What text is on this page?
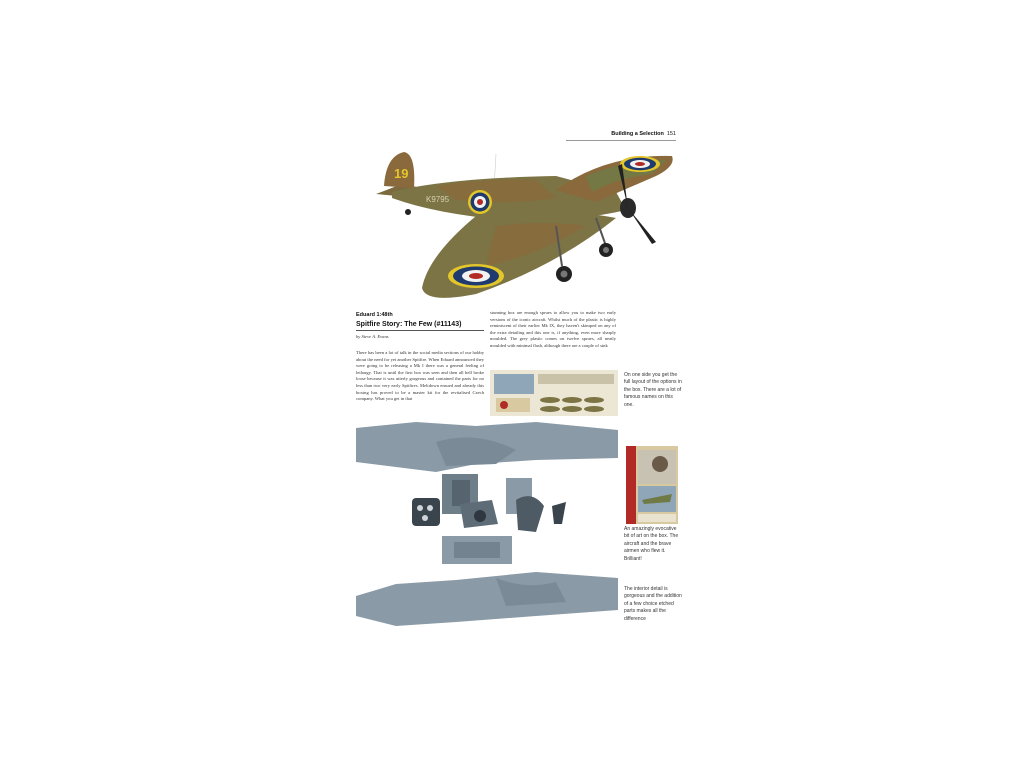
Building a Selection 151
19
K9795
Eduard 1:48th
Spitfire Story: The Few (#11143)
by Steve A. Evans
There has been a lot of talk in the social media sections of our hobby about the need for yet another Spitfire. When Eduard announced they were going to be releasing a Mk I there was a general feeling of lethargy. That is until the first box was seen and then all hell broke loose because it was utterly gorgeous and contained the parts for no less than two very early Spitfires. Meltdown ensued and already this boxing has proved to be a master kit for the revitalised Czech company. What you get in that
stunning box are enough sprues to allow you to make two early versions of the iconic aircraft. Whilst much of the plastic is highly reminiscent of their earlier Mk IX, they haven't skimped on any of the extra detailing and this one is, if anything, even more sharply moulded. The grey plastic comes on twelve sprues, all neatly moulded with minimal flash, although there are a couple of sink
On one side you get the full layout of the options in the box. There are a lot of famous names on this one.
An amazingly evocative bit of art on the box. The aircraft and the brave airmen who flew it. Brilliant!
The interior detail is gorgeous and the addition of a few choice etched parts makes all the difference
